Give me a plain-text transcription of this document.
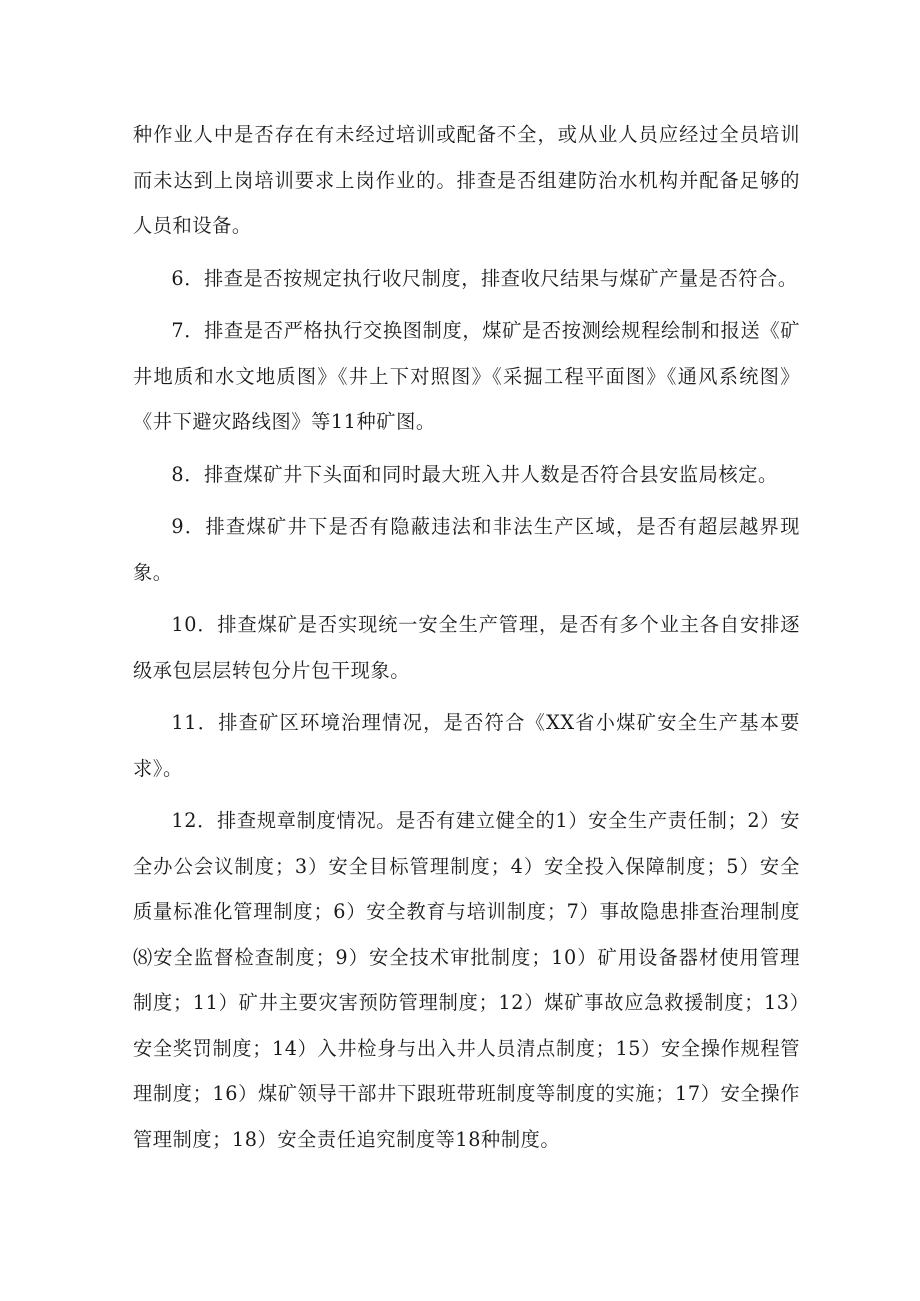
种作业人中是否存在有未经过培训或配备不全，或从业人员应经过全员培训而未达到上岗培训要求上岗作业的。排查是否组建防治水机构并配备足够的人员和设备。

6．排查是否按规定执行收尺制度，排查收尺结果与煤矿产量是否符合。

7．排查是否严格执行交换图制度，煤矿是否按测绘规程绘制和报送《矿井地质和水文地质图》《井上下对照图》《采掘工程平面图》《通风系统图》《井下避灾路线图》等11种矿图。

8．排查煤矿井下头面和同时最大班入井人数是否符合县安监局核定。

9．排查煤矿井下是否有隐蔽违法和非法生产区域，是否有超层越界现象。

10．排查煤矿是否实现统一安全生产管理，是否有多个业主各自安排逐级承包层层转包分片包干现象。

11．排查矿区环境治理情况，是否符合《XX省小煤矿安全生产基本要求》。

12．排查规章制度情况。是否有建立健全的1）安全生产责任制；2）安全办公会议制度；3）安全目标管理制度；4）安全投入保障制度；5）安全质量标准化管理制度；6）安全教育与培训制度；7）事故隐患排查治理制度⑻安全监督检查制度；9）安全技术审批制度；10）矿用设备器材使用管理制度；11）矿井主要灾害预防管理制度；12）煤矿事故应急救援制度；13）安全奖罚制度；14）入井检身与出入井人员清点制度；15）安全操作规程管理制度；16）煤矿领导干部井下跟班带班制度等制度的实施；17）安全操作管理制度；18）安全责任追究制度等18种制度。
